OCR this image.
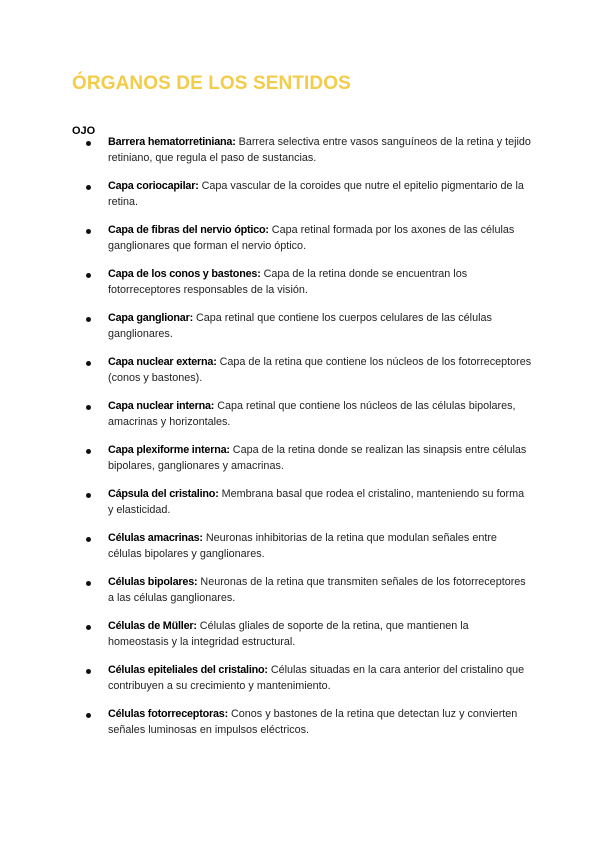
ÓRGANOS DE LOS SENTIDOS
OJO
Barrera hematorretiniana: Barrera selectiva entre vasos sanguíneos de la retina y tejido retiniano, que regula el paso de sustancias.
Capa coriocapilar: Capa vascular de la coroides que nutre el epitelio pigmentario de la retina.
Capa de fibras del nervio óptico: Capa retinal formada por los axones de las células ganglionares que forman el nervio óptico.
Capa de los conos y bastones: Capa de la retina donde se encuentran los fotorreceptores responsables de la visión.
Capa ganglionar: Capa retinal que contiene los cuerpos celulares de las células ganglionares.
Capa nuclear externa: Capa de la retina que contiene los núcleos de los fotorreceptores (conos y bastones).
Capa nuclear interna: Capa retinal que contiene los núcleos de las células bipolares, amacrinas y horizontales.
Capa plexiforme interna: Capa de la retina donde se realizan las sinapsis entre células bipolares, ganglionares y amacrinas.
Cápsula del cristalino: Membrana basal que rodea el cristalino, manteniendo su forma y elasticidad.
Células amacrinas: Neuronas inhibitorias de la retina que modulan señales entre células bipolares y ganglionares.
Células bipolares: Neuronas de la retina que transmiten señales de los fotorreceptores a las células ganglionares.
Células de Müller: Células gliales de soporte de la retina, que mantienen la homeostasis y la integridad estructural.
Células epiteliales del cristalino: Células situadas en la cara anterior del cristalino que contribuyen a su crecimiento y mantenimiento.
Células fotorreceptoras: Conos y bastones de la retina que detectan luz y convierten señales luminosas en impulsos eléctricos.
